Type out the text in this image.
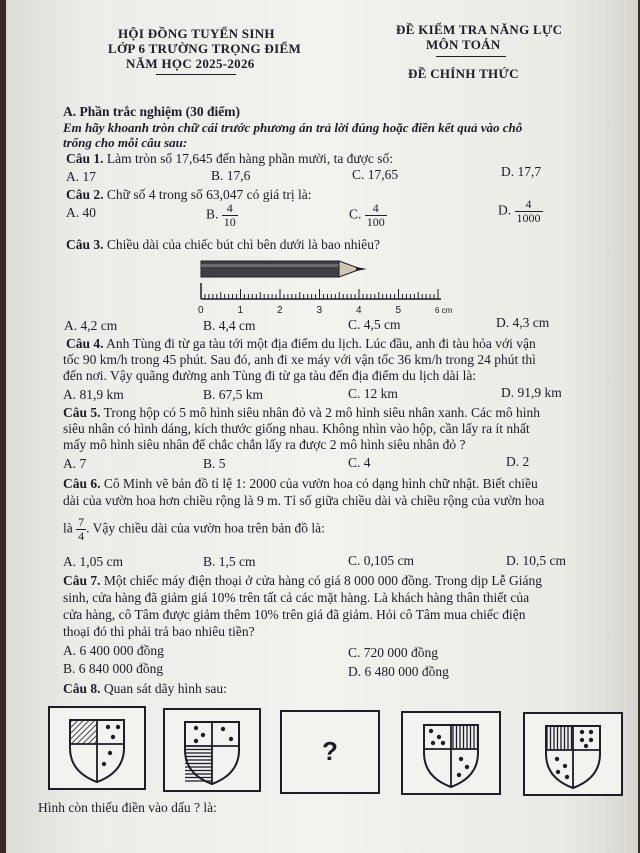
HỘI ĐỒNG TUYỂN SINH
LỚP 6 TRƯỜNG TRỌNG ĐIỂM
NĂM HỌC 2025-2026
ĐỀ KIỂM TRA NĂNG LỰC
MÔN TOÁN
ĐỀ CHÍNH THỨC
A. Phần trắc nghiệm (30 điểm)
Em hãy khoanh tròn chữ cái trước phương án trả lời đúng hoặc điền kết quả vào chỗ
trống cho mỗi câu sau:
Câu 1. Làm tròn số 17,645 đến hàng phần mười, ta được số:
A. 17	B. 17,6	C. 17,65	D. 17,7
Câu 2. Chữ số 4 trong số 63,047 có giá trị là:
A. 40	B. $\frac{4}{10}$	C. $\frac{4}{100}$	D. $\frac{4}{1000}$
Câu 3. Chiều dài của chiếc bút chì bên dưới là bao nhiêu?
0	1	2	3	4	5	6 cm
A. 4,2 cm	B. 4,4 cm	C. 4,5 cm	D. 4,3 cm
Câu 4. Anh Tùng đi từ ga tàu tới một địa điểm du lịch. Lúc đầu, anh đi tàu hỏa với vận
tốc 90 km/h trong 45 phút. Sau đó, anh đi xe máy với vận tốc 36 km/h trong 24 phút thì
đến nơi. Vậy quãng đường anh Tùng đi từ ga tàu đến địa điểm du lịch dài là:
A. 81,9 km	B. 67,5 km	C. 12 km	D. 91,9 km
Câu 5. Trong hộp có 5 mô hình siêu nhân đỏ và 2 mô hình siêu nhân xanh. Các mô hình
siêu nhân có hình dáng, kích thước giống nhau. Không nhìn vào hộp, cần lấy ra ít nhất
mấy mô hình siêu nhân để chắc chắn lấy ra được 2 mô hình siêu nhân đỏ ?
A. 7	B. 5	C. 4	D. 2
Câu 6. Cô Minh vẽ bản đồ tỉ lệ 1: 2000 của vườn hoa có dạng hình chữ nhật. Biết chiều
dài của vườn hoa hơn chiều rộng là 9 m. Tỉ số giữa chiều dài và chiều rộng của vườn hoa
là $\frac{7}{4}$ . Vậy chiều dài của vườn hoa trên bản đồ là:
A. 1,05 cm	B. 1,5 cm	C. 0,105 cm	D. 10,5 cm
Câu 7. Một chiếc máy điện thoại ở cửa hàng có giá 8 000 000 đồng. Trong dịp Lễ Giáng
sinh, cửa hàng đã giảm giá 10% trên tất cả các mặt hàng. Là khách hàng thân thiết của
cửa hàng, cô Tâm được giảm thêm 10% trên giá đã giảm. Hỏi cô Tâm mua chiếc điện
thoại đó thì phải trả bao nhiêu tiền?
A. 6 400 000 đồng	C. 720 000 đồng
B. 6 840 000 đồng	D. 6 480 000 đồng
Câu 8. Quan sát dãy hình sau:
?
Hình còn thiếu điền vào dấu ? là:
